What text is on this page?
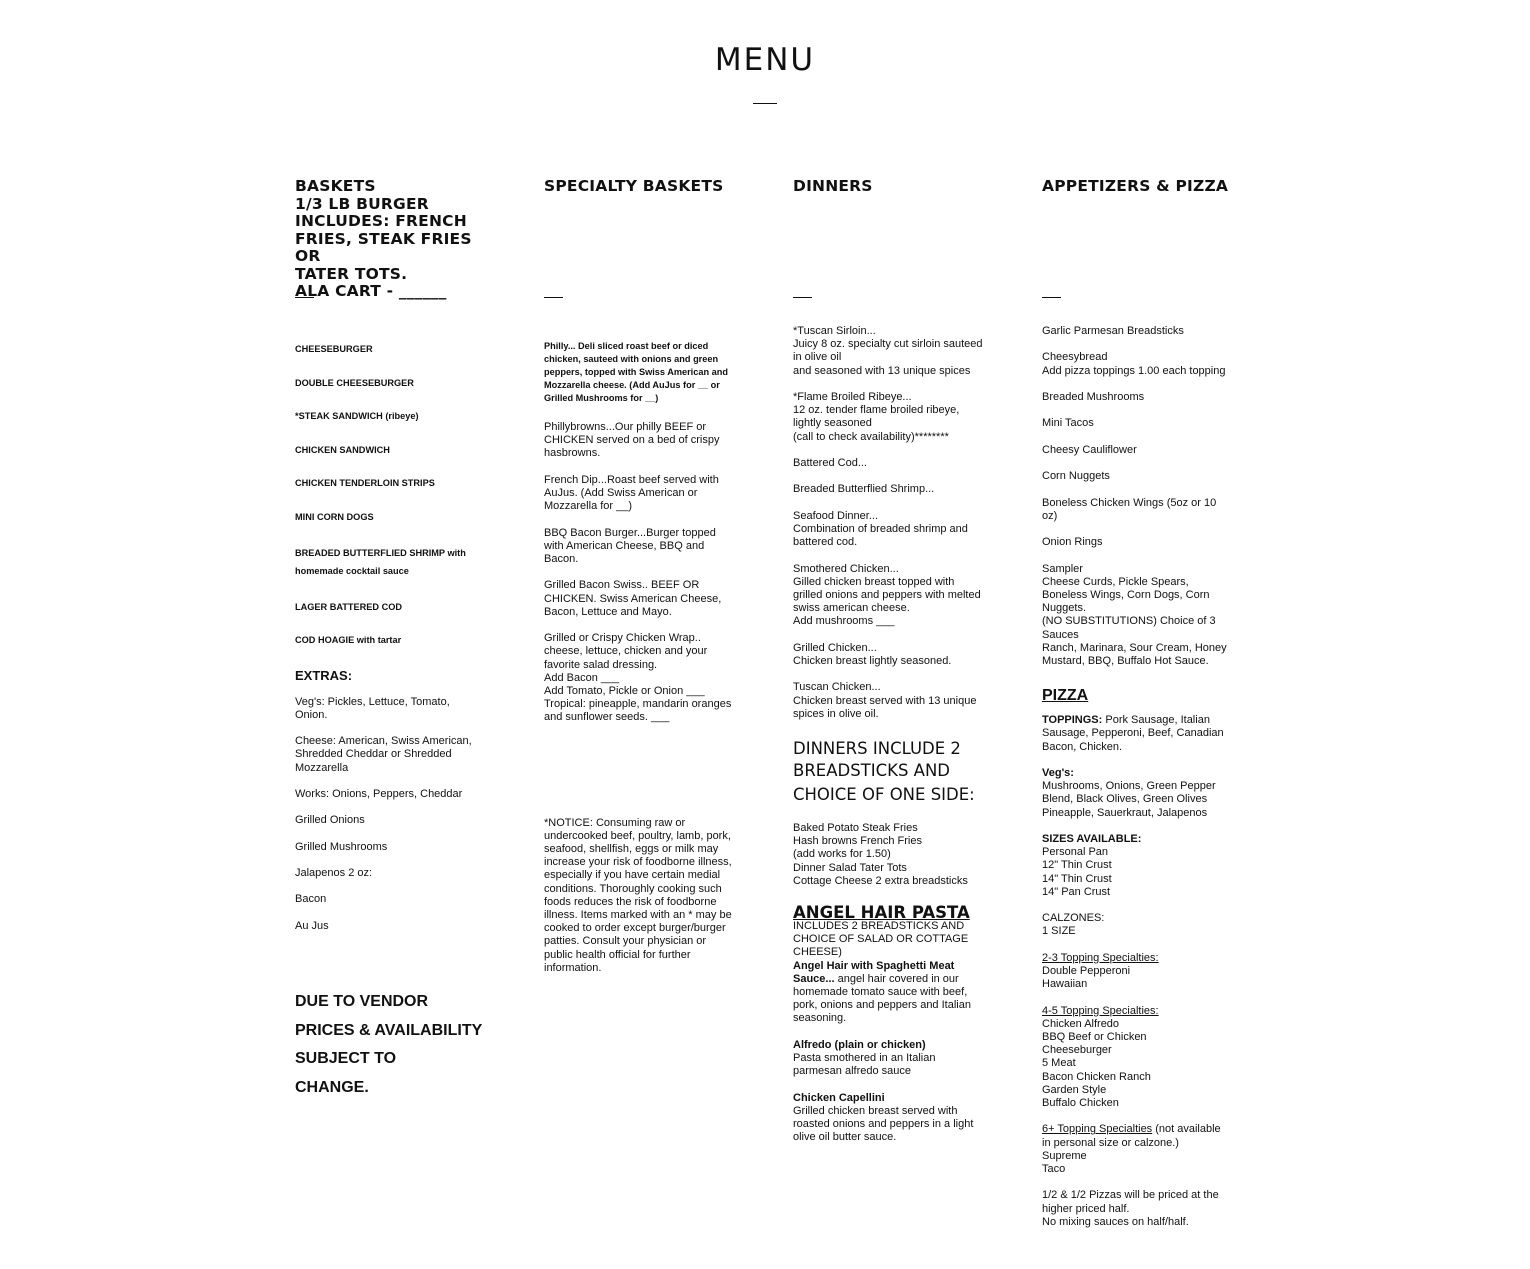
MENU
BASKETS
1/3 LB BURGER
INCLUDES: FRENCH
FRIES, STEAK FRIES OR
TATER TOTS.
ALA CART - ______

CHEESEBURGER

DOUBLE CHEESEBURGER

*STEAK SANDWICH (ribeye)

CHICKEN SANDWICH

CHICKEN TENDERLOIN STRIPS

MINI CORN DOGS

BREADED BUTTERFLIED SHRIMP with homemade cocktail sauce

LAGER BATTERED COD

COD HOAGIE with tartar

EXTRAS:

Veg's: Pickles, Lettuce, Tomato, Onion.

Cheese: American, Swiss American, Shredded Cheddar or Shredded Mozzarella

Works: Onions, Peppers, Cheddar

Grilled Onions

Grilled Mushrooms

Jalapenos 2 oz:

Bacon

Au Jus

DUE TO VENDOR

PRICES & AVAILABILITY

SUBJECT TO

CHANGE.

SPECIALTY BASKETS

Philly... Deli sliced roast beef or diced chicken, sauteed with onions and green peppers, topped with Swiss American and Mozzarella cheese. (Add AuJus for __ or Grilled Mushrooms for __)

Phillybrowns...Our philly BEEF or CHICKEN served on a bed of crispy hasbrowns.

French Dip...Roast beef served with AuJus. (Add Swiss American or Mozzarella for __)

BBQ Bacon Burger...Burger topped with American Cheese, BBQ and Bacon.

Grilled Bacon Swiss.. BEEF OR CHICKEN. Swiss American Cheese, Bacon, Lettuce and Mayo.

Grilled or Crispy Chicken Wrap.. cheese, lettuce, chicken and your favorite salad dressing.

Add Bacon ___

Add Tomato, Pickle or Onion ___

Tropical: pineapple, mandarin oranges and sunflower seeds. ___

*NOTICE: Consuming raw or undercooked beef, poultry, lamb, pork, seafood, shellfish, eggs or milk may increase your risk of foodborne illness, especially if you have certain medial conditions. Thoroughly cooking such foods reduces the risk of foodborne illness. Items marked with an * may be cooked to order except burger/burger patties. Consult your physician or public health official for further information.

DINNERS

*Tuscan Sirloin...

Juicy 8 oz. specialty cut sirloin sauteed in olive oil

and seasoned with 13 unique spices

*Flame Broiled Ribeye...

12 oz. tender flame broiled ribeye, lightly seasoned

(call to check availability)********

Battered Cod...

Breaded Butterflied Shrimp...

Seafood Dinner...

Combination of breaded shrimp and battered cod.

Smothered Chicken...

Gilled chicken breast topped with grilled onions and peppers with melted swiss american cheese.

Add mushrooms ___

Grilled Chicken...

Chicken breast lightly seasoned.

Tuscan Chicken...

Chicken breast served with 13 unique spices in olive oil.

DINNERS INCLUDE 2

BREADSTICKS AND

CHOICE OF ONE SIDE:

Baked Potato Steak Fries

Hash browns French Fries

(add works for 1.50)

Dinner Salad Tater Tots

Cottage Cheese 2 extra breadsticks

ANGEL HAIR PASTA

INCLUDES 2 BREADSTICKS AND CHOICE OF SALAD OR COTTAGE CHEESE)

Angel Hair with Spaghetti Meat Sauce... angel hair covered in our homemade tomato sauce with beef, pork, onions and peppers and Italian seasoning.

Alfredo (plain or chicken)

Pasta smothered in an Italian parmesan alfredo sauce

Chicken Capellini

Grilled chicken breast served with roasted onions and peppers in a light olive oil butter sauce.

APPETIZERS & PIZZA

Garlic Parmesan Breadsticks

Cheesybread

Add pizza toppings 1.00 each topping

Breaded Mushrooms

Mini Tacos

Cheesy Cauliflower

Corn Nuggets

Boneless Chicken Wings (5oz or 10 oz)

Onion Rings

Sampler

Cheese Curds, Pickle Spears, Boneless Wings, Corn Dogs, Corn Nuggets.

(NO SUBSTITUTIONS) Choice of 3 Sauces

Ranch, Marinara, Sour Cream, Honey Mustard, BBQ, Buffalo Hot Sauce.

PIZZA

TOPPINGS: Pork Sausage, Italian Sausage, Pepperoni, Beef, Canadian Bacon, Chicken.

Veg's:

Mushrooms, Onions, Green Pepper Blend, Black Olives, Green Olives

Pineapple, Sauerkraut, Jalapenos

SIZES AVAILABLE:

Personal Pan

12" Thin Crust

14" Thin Crust

14" Pan Crust

CALZONES:

1 SIZE

2-3 Topping Specialties:

Double Pepperoni

Hawaiian

4-5 Topping Specialties:

Chicken Alfredo

BBQ Beef or Chicken

Cheeseburger

5 Meat

Bacon Chicken Ranch

Garden Style

Buffalo Chicken

6+ Topping Specialties (not available in personal size or calzone.)

Supreme

Taco

1/2 & 1/2 Pizzas will be priced at the higher priced half.

No mixing sauces on half/half.
